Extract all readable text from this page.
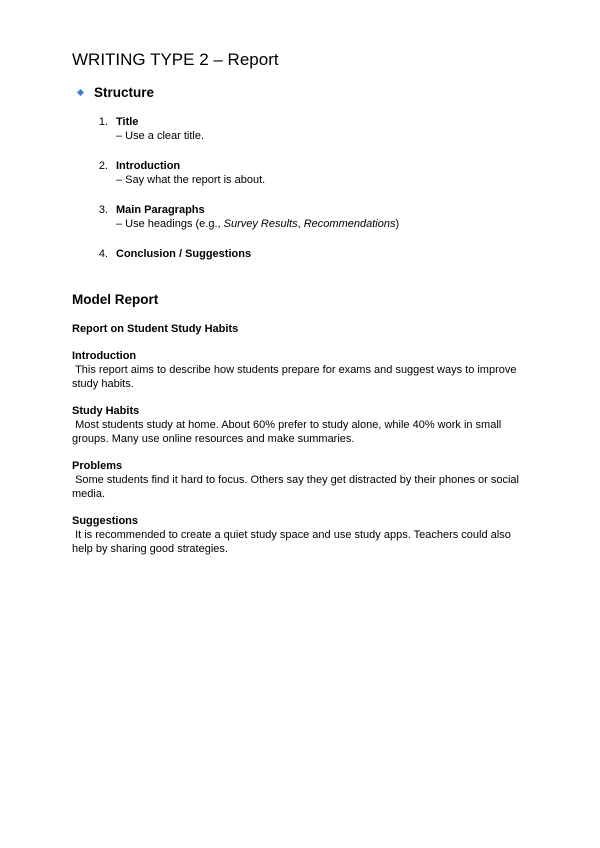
WRITING TYPE 2 – Report
Structure
1. Title
– Use a clear title.
2. Introduction
– Say what the report is about.
3. Main Paragraphs
– Use headings (e.g., Survey Results, Recommendations)
4. Conclusion / Suggestions
Model Report
Report on Student Study Habits
Introduction
This report aims to describe how students prepare for exams and suggest ways to improve study habits.
Study Habits
Most students study at home. About 60% prefer to study alone, while 40% work in small groups. Many use online resources and make summaries.
Problems
Some students find it hard to focus. Others say they get distracted by their phones or social media.
Suggestions
It is recommended to create a quiet study space and use study apps. Teachers could also help by sharing good strategies.
